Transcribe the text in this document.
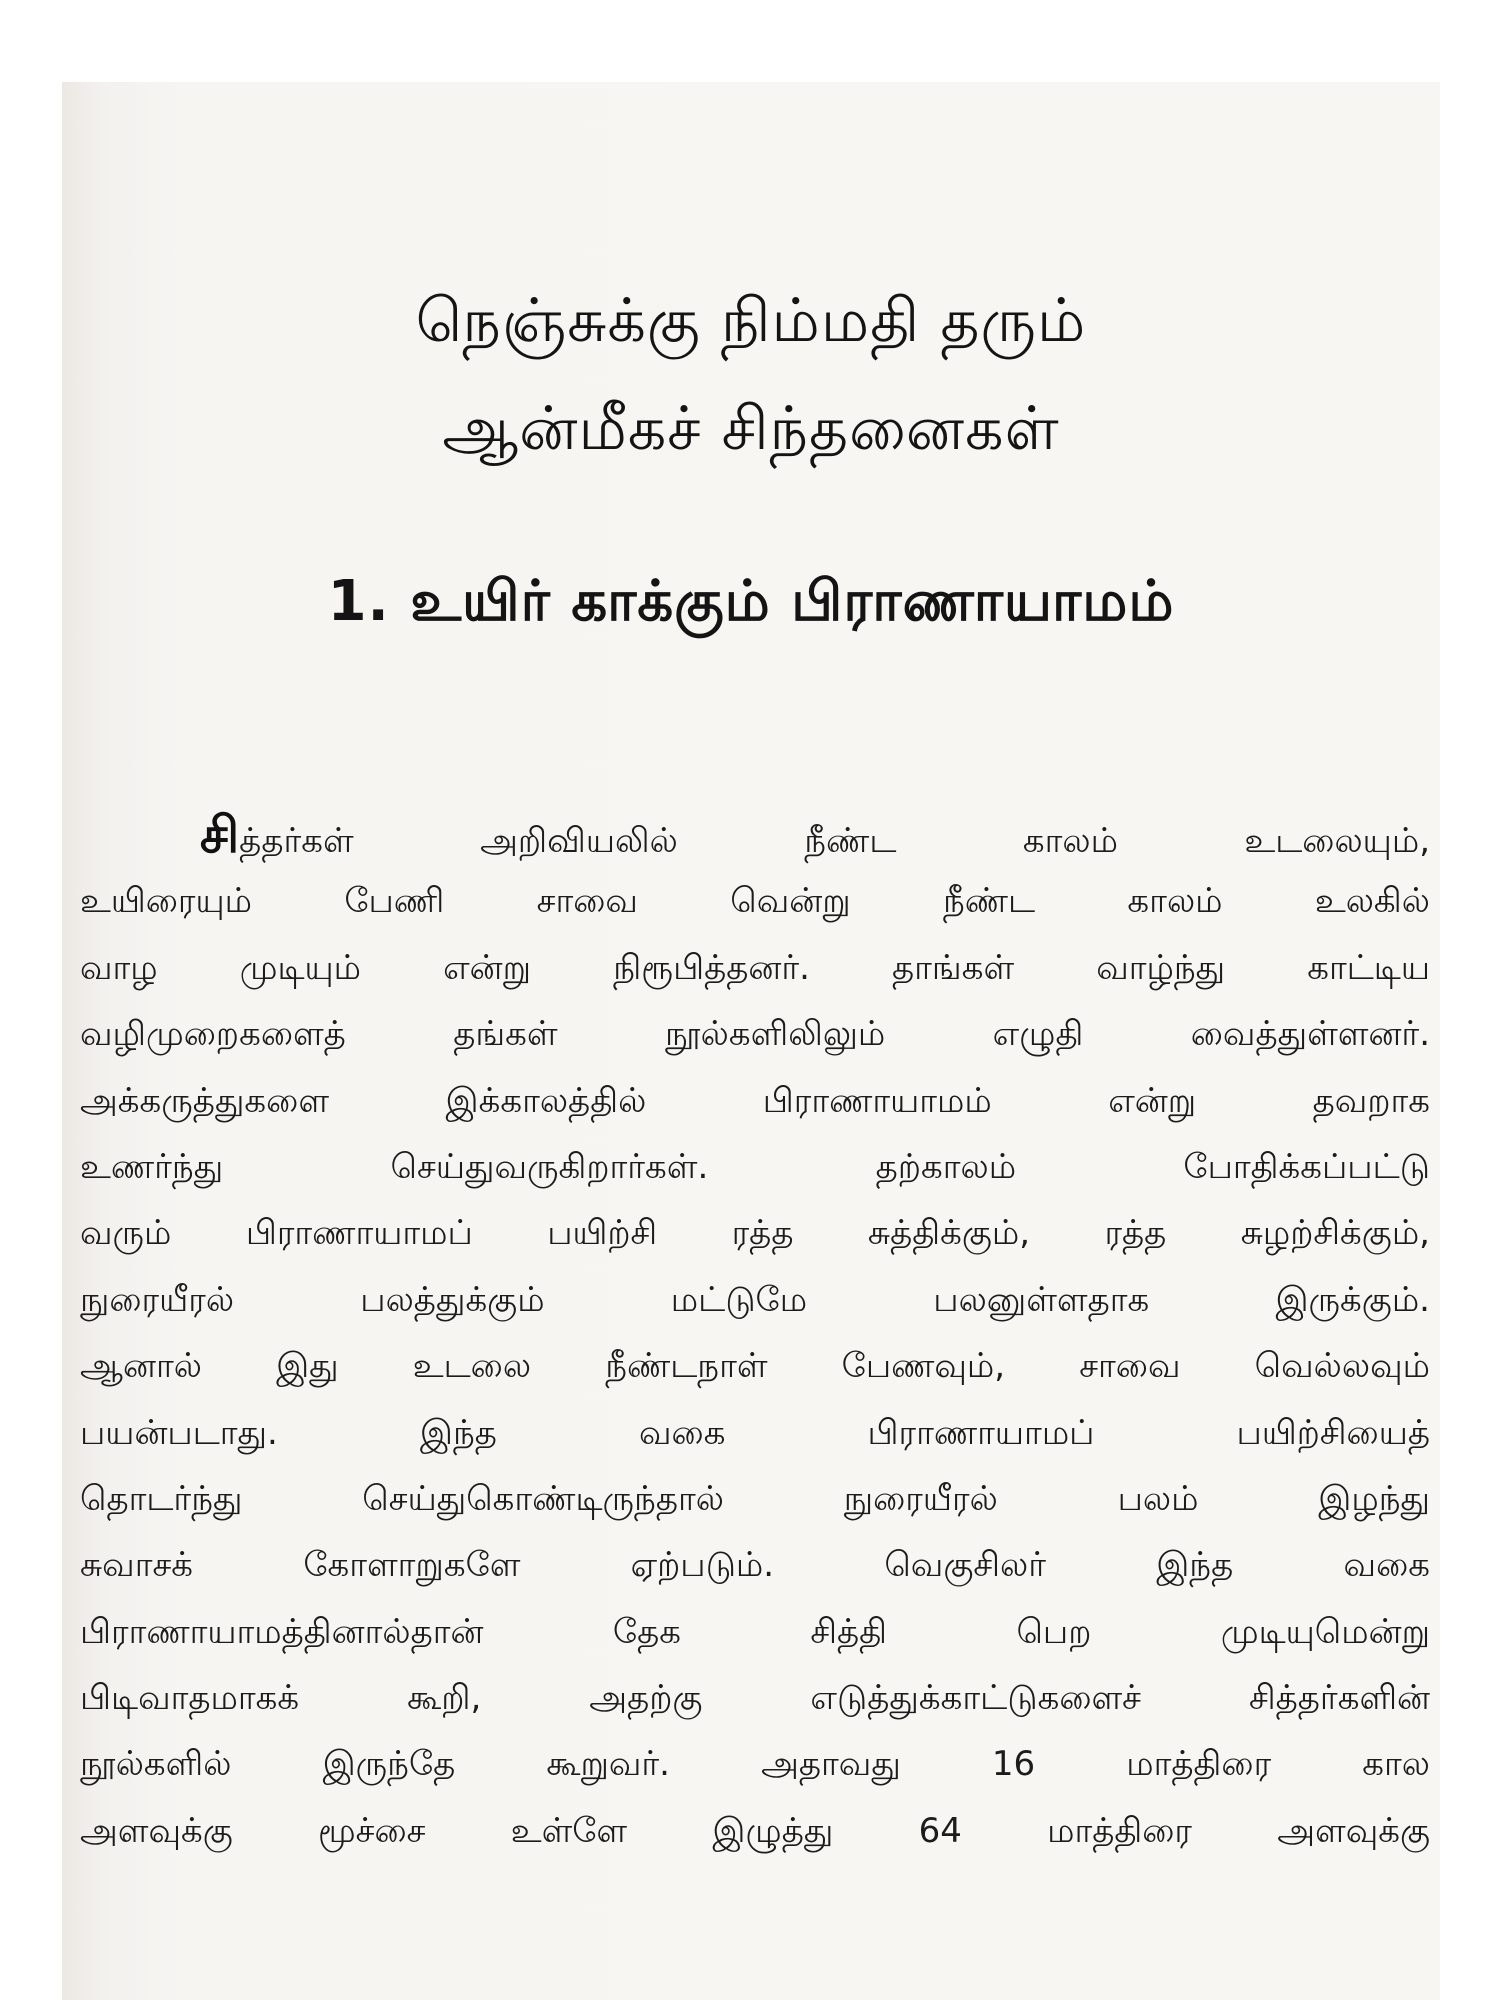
நெஞ்சுக்கு நிம்மதி தரும்
ஆன்மீகச் சிந்தனைகள்
1. உயிர் காக்கும் பிராணாயாமம்
சித்தர்கள் அறிவியலில் நீண்ட காலம் உடலையும்,
உயிரையும் பேணி சாவை வென்று நீண்ட காலம் உலகில்
வாழ முடியும் என்று நிரூபித்தனர். தாங்கள் வாழ்ந்து காட்டிய
வழிமுறைகளைத் தங்கள் நூல்களிலிலும் எழுதி வைத்துள்ளனர்.
அக்கருத்துகளை இக்காலத்தில் பிராணாயாமம் என்று தவறாக
உணர்ந்து செய்துவருகிறார்கள். தற்காலம் போதிக்கப்பட்டு
வரும் பிராணாயாமப் பயிற்சி ரத்த சுத்திக்கும், ரத்த சுழற்சிக்கும்,
நுரையீரல் பலத்துக்கும் மட்டுமே பலனுள்ளதாக இருக்கும்.
ஆனால் இது உடலை நீண்டநாள் பேணவும், சாவை வெல்லவும்
பயன்படாது. இந்த வகை பிராணாயாமப் பயிற்சியைத்
தொடர்ந்து செய்துகொண்டிருந்தால் நுரையீரல் பலம் இழந்து
சுவாசக் கோளாறுகளே ஏற்படும். வெகுசிலர் இந்த வகை
பிராணாயாமத்தினால்தான் தேக சித்தி பெற முடியுமென்று
பிடிவாதமாகக் கூறி, அதற்கு எடுத்துக்காட்டுகளைச் சித்தர்களின்
நூல்களில் இருந்தே கூறுவர். அதாவது 16 மாத்திரை கால
அளவுக்கு மூச்சை உள்ளே இழுத்து 64 மாத்திரை அளவுக்கு
